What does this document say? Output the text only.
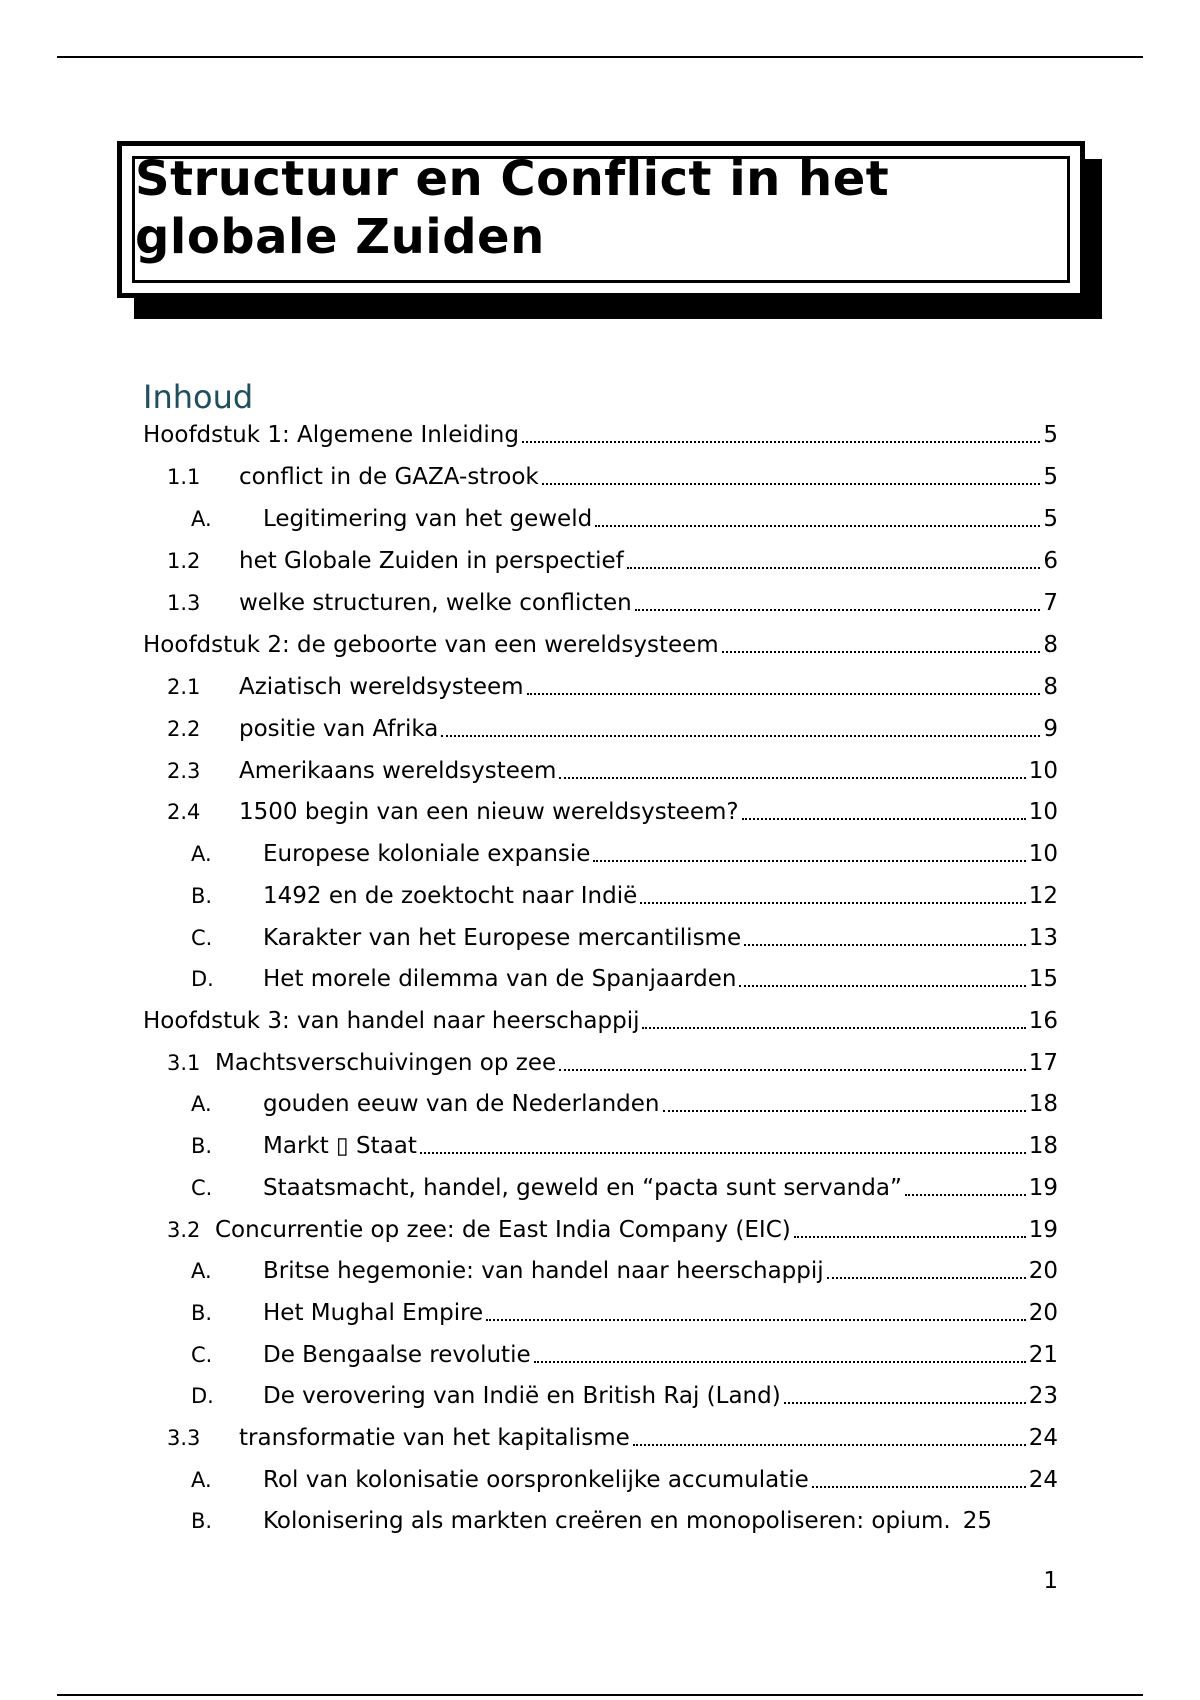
Structuur en Conflict in het
globale Zuiden
Inhoud
Hoofdstuk 1: Algemene Inleiding	5
1.1	conflict in de GAZA-strook	5
A.	Legitimering van het geweld	5
1.2	het Globale Zuiden in perspectief	6
1.3	welke structuren, welke conflicten	7
Hoofdstuk 2: de geboorte van een wereldsysteem	8
2.1	Aziatisch wereldsysteem	8
2.2	positie van Afrika	9
2.3	Amerikaans wereldsysteem	10
2.4	1500 begin van een nieuw wereldsysteem?	10
A.	Europese koloniale expansie	10
B.	1492 en de zoektocht naar Indië	12
C.	Karakter van het Europese mercantilisme	13
D.	Het morele dilemma van de Spanjaarden	15
Hoofdstuk 3: van handel naar heerschappij	16
3.1 Machtsverschuivingen op zee	17
A.	gouden eeuw van de Nederlanden	18
B.	Markt ▯ Staat	18
C.	Staatsmacht, handel, geweld en “pacta sunt servanda”	19
3.2 Concurrentie op zee: de East India Company (EIC)	19
A.	Britse hegemonie: van handel naar heerschappij	20
B.	Het Mughal Empire	20
C.	De Bengaalse revolutie	21
D.	De verovering van Indië en British Raj (Land)	23
3.3	transformatie van het kapitalisme	24
A.	Rol van kolonisatie oorspronkelijke accumulatie	24
B.	Kolonisering als markten creëren en monopoliseren: opium. 25

1
